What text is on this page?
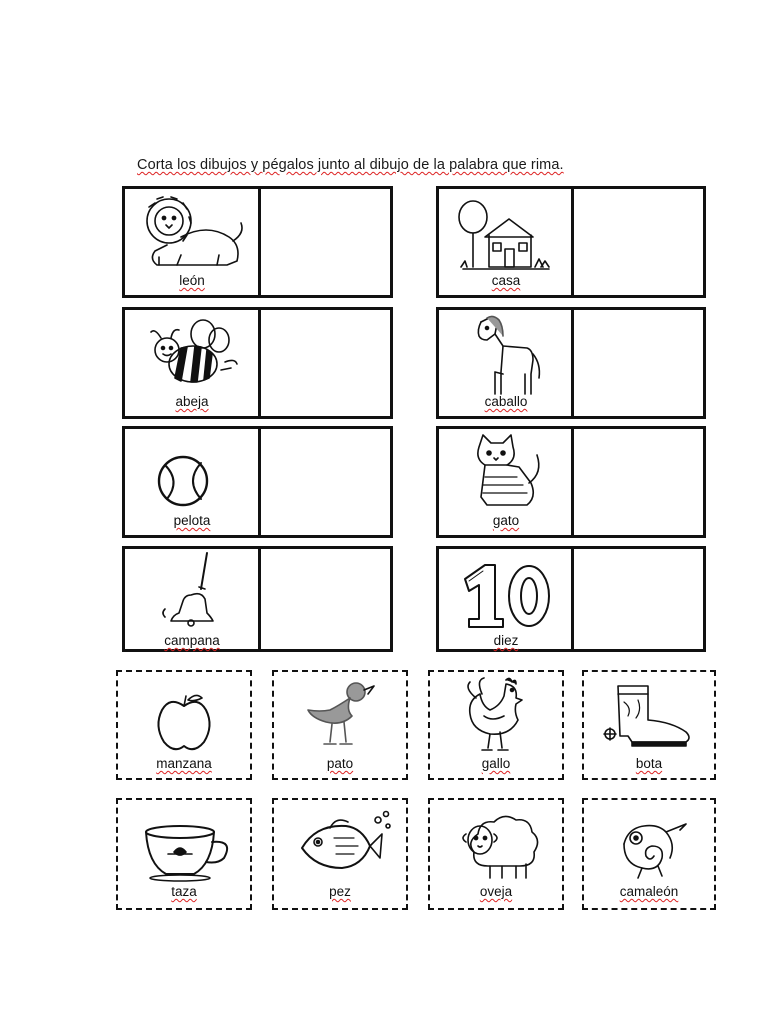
Corta los dibujos y pégalos junto al dibujo de la palabra que rima.
león
abeja
pelota
campana
casa
caballo
gato
diez
manzana	pato	gallo	bota
taza	pez	oveja	camaleón
